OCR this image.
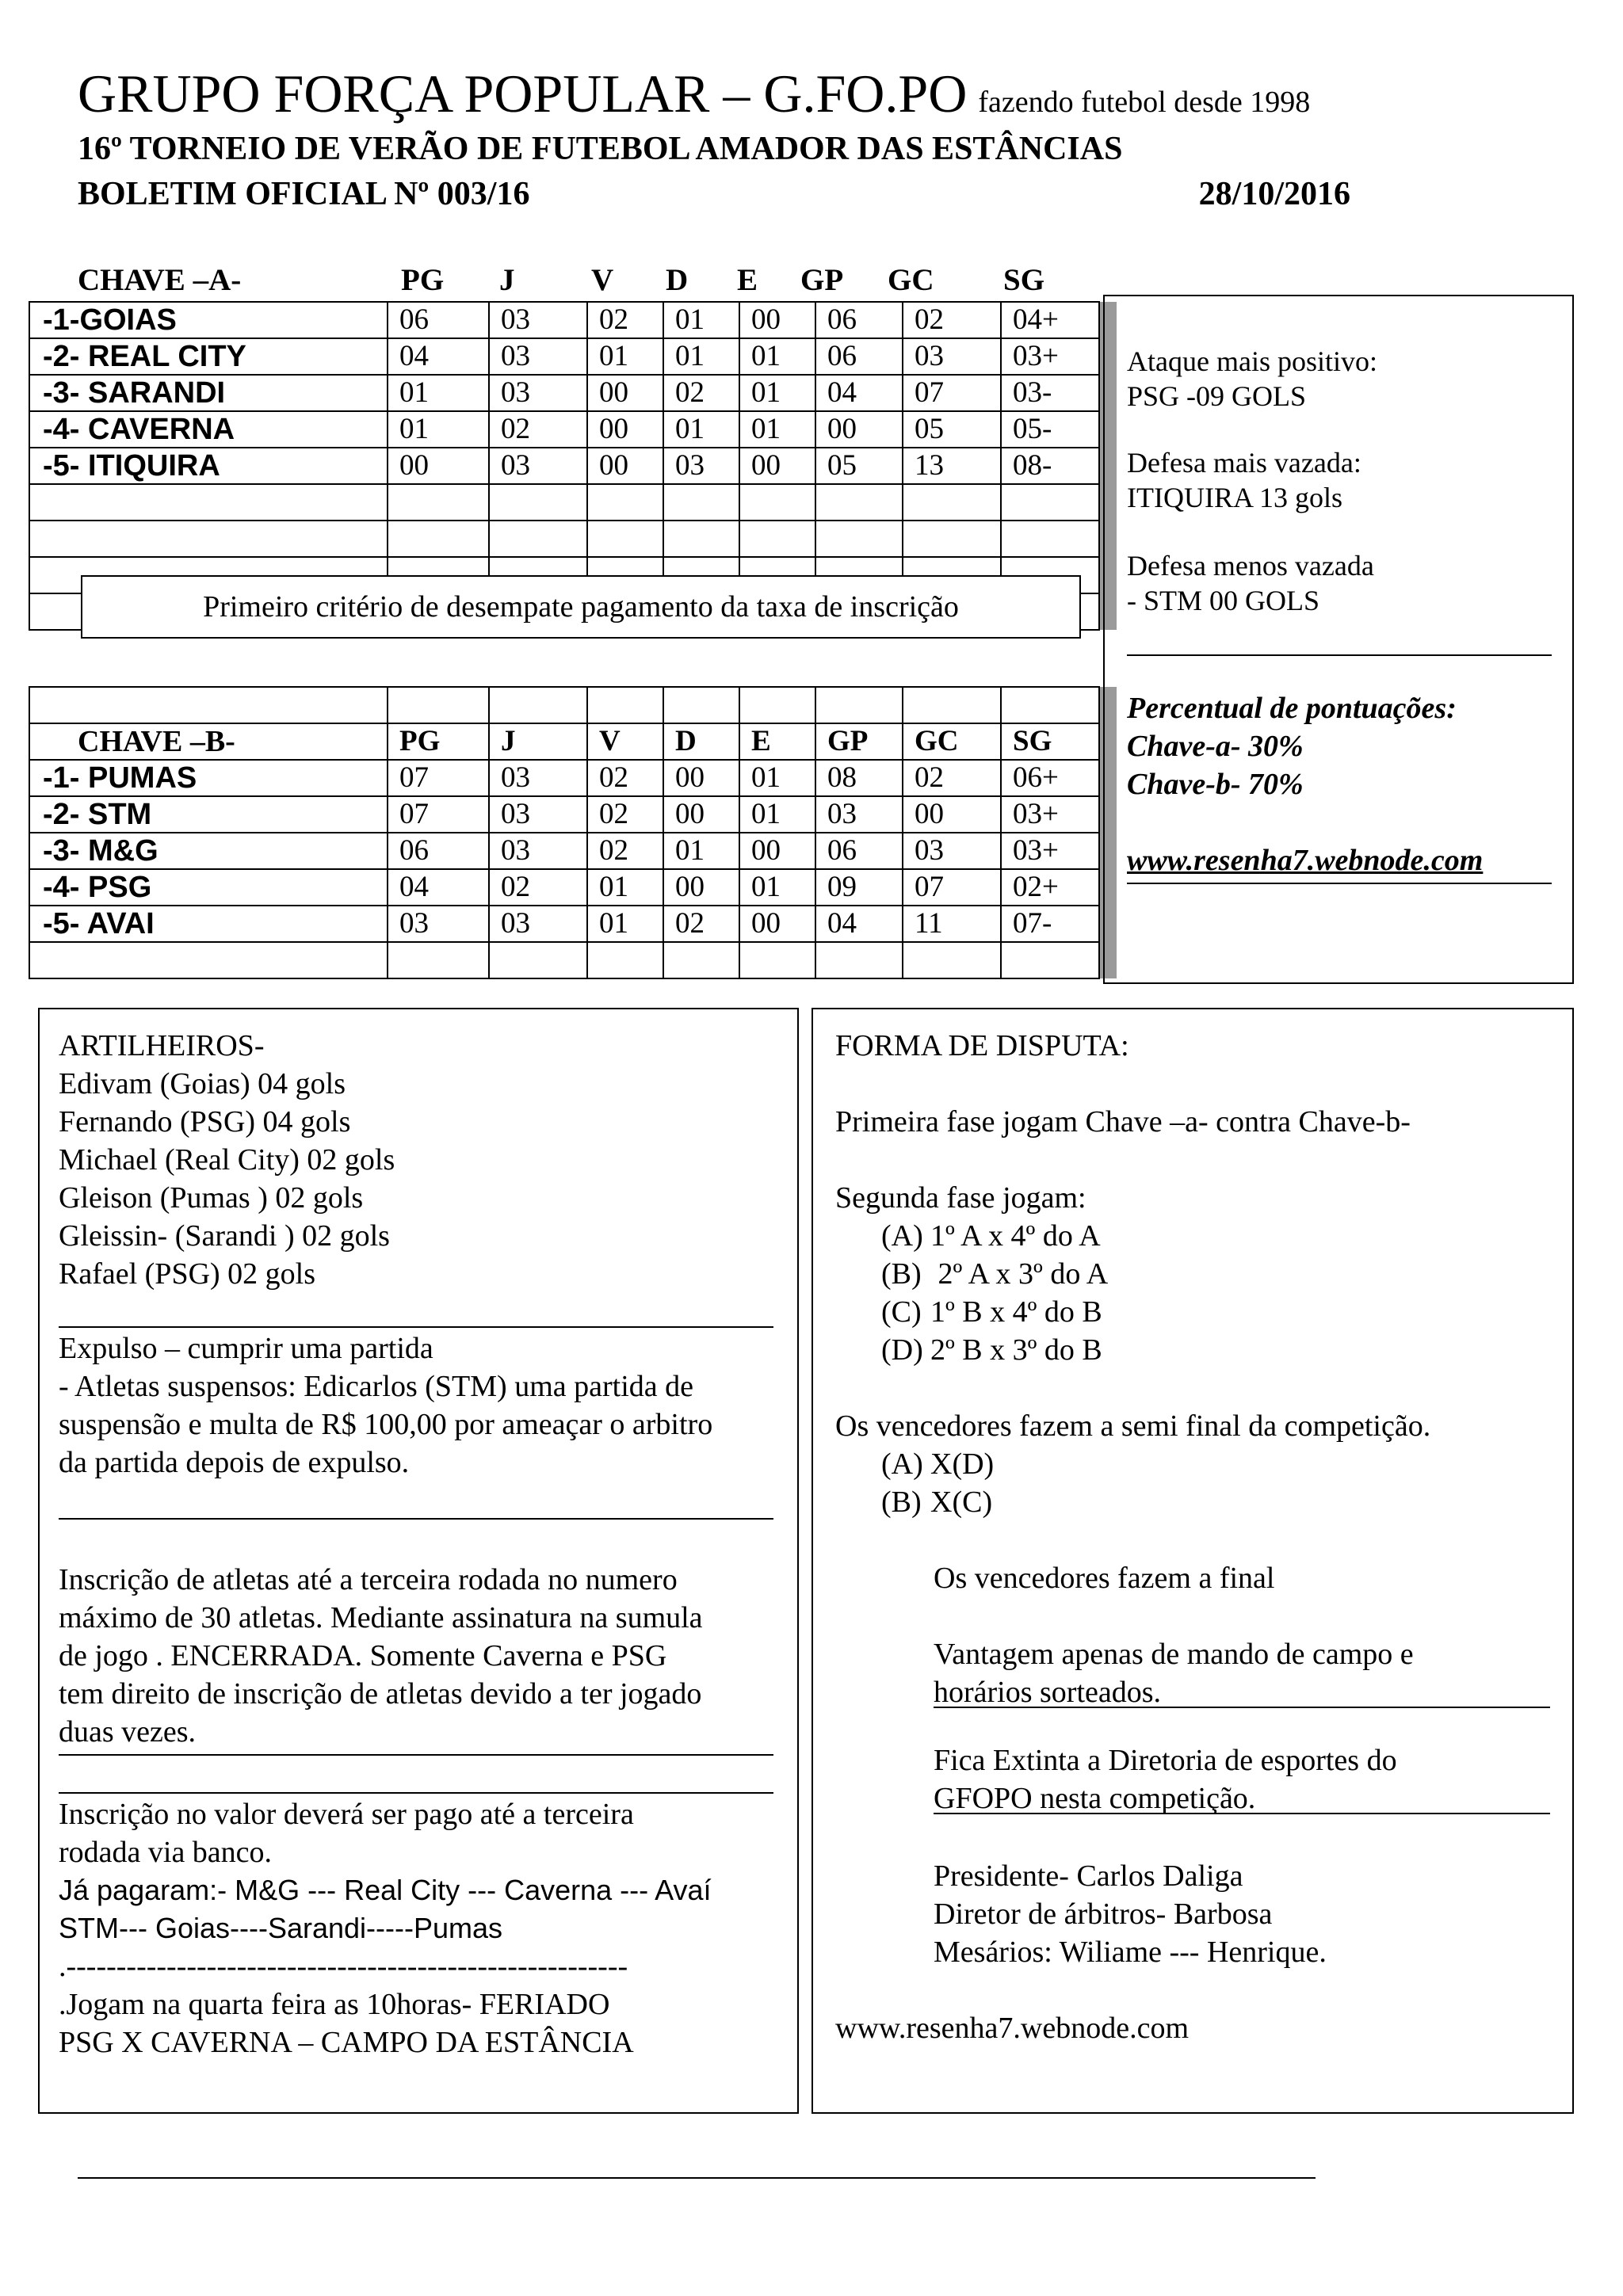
GRUPO FORÇA POPULAR – G.FO.PO fazendo futebol desde 1998
16º TORNEIO DE VERÃO DE FUTEBOL AMADOR DAS ESTÂNCIAS
BOLETIM OFICIAL Nº 003/16	28/10/2016
CHAVE –A-	PG J V D E GP GC SG
-1-GOIAS	06	03	02	01	00	06	02	04+	
-2- REAL CITY	04	03	01	01	01	06	03	03+	
-3- SARANDI	01	03	00	02	01	04	07	03-	
-4- CAVERNA	01	02	00	01	01	00	05	05-	
-5- ITIQUIRA	00	03	00	03	00	05	13	08-	

Primeiro critério de desempate pagamento da taxa de inscrição

CHAVE –B-	PG	J	V	D	E	GP	GC	SG	
-1- PUMAS	07	03	02	00	01	08	02	06+	
-2- STM	07	03	02	00	01	03	00	03+	
-3- M&G	06	03	02	01	00	06	03	03+	
-4- PSG	04	02	01	00	01	09	07	02+	
-5- AVAI	03	03	01	02	00	04	11	07-	

Ataque mais positivo:
PSG -09 GOLS
Defesa mais vazada:
ITIQUIRA 13 gols
Defesa menos vazada
- STM 00 GOLS
Percentual de pontuações:
Chave-a- 30%
Chave-b- 70%
www.resenha7.webnode.com
ARTILHEIROS-
Edivam (Goias) 04 gols
Fernando (PSG) 04 gols
Michael (Real City) 02 gols
Gleison (Pumas ) 02 gols
Gleissin- (Sarandi ) 02 gols
Rafael (PSG) 02 gols
Expulso – cumprir uma partida
- Atletas suspensos: Edicarlos (STM) uma partida de
suspensão e multa de R$ 100,00 por ameaçar o arbitro
da partida depois de expulso.
Inscrição de atletas até a terceira rodada no numero
máximo de 30 atletas. Mediante assinatura na sumula
de jogo . ENCERRADA. Somente Caverna e PSG
tem direito de inscrição de atletas devido a ter jogado
duas vezes.
Inscrição no valor deverá ser pago até a terceira
rodada via banco.
Já pagaram:- M&G --- Real City --- Caverna --- Avaí
STM--- Goias----Sarandi-----Pumas
.--------------------------------------------------------
.Jogam na quarta feira as 10horas- FERIADO
PSG X CAVERNA – CAMPO DA ESTÂNCIA
FORMA DE DISPUTA:
Primeira fase jogam Chave –a- contra Chave-b-
Segunda fase jogam:
(A) 1º A x 4º do A
(B) 2º A x 3º do A
(C) 1º B x 4º do B
(D) 2º B x 3º do B
Os vencedores fazem a semi final da competição.
(A) X(D)
(B) X(C)
Os vencedores fazem a final
Vantagem apenas de mando de campo e
horários sorteados.
Fica Extinta a Diretoria de esportes do
GFOPO nesta competição.
Presidente- Carlos Daliga
Diretor de árbitros- Barbosa
Mesários: Wiliame --- Henrique.
www.resenha7.webnode.com
